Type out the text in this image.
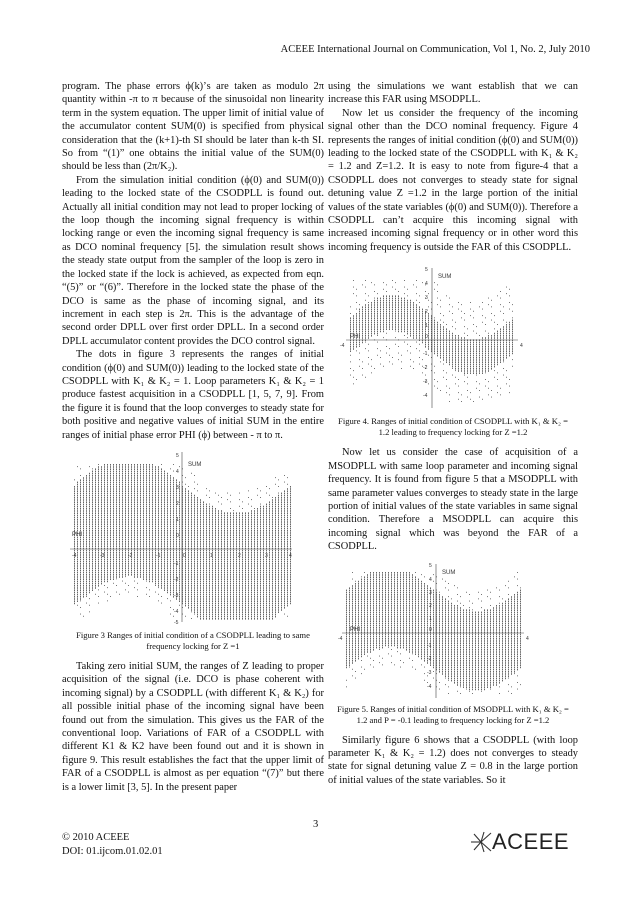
ACEEE International Journal on Communication, Vol 1, No. 2, July 2010

program. The phase errors ϕ(k)’s are taken as modulo 2π quantity within -π to π because of the sinusoidal non linearity term in the system equation. The upper limit of initial value of the accumulator content SUM(0) is specified from physical consideration that the (k+1)-th SI should be later than k-th SI. So from “(1)” one obtains the initial value of the SUM(0) should be less than (2π/K₂).

From the simulation initial condition (ϕ(0) and SUM(0)) leading to the locked state of the CSODPLL is found out. Actually all initial condition may not lead to proper locking of the loop though the incoming signal frequency is within locking range or even the incoming signal frequency is same as DCO nominal frequency [5]. the simulation result shows the steady state output from the sampler of the loop is zero in the locked state if the lock is achieved, as expected from eqn. “(5)” or “(6)”. Therefore in the locked state the phase of the DCO is same as the phase of incoming signal, and its increment in each step is 2π. This is the advantage of the second order DPLL over first order DPLL. In a second order DPLL accumulator content provides the DCO control signal.

The dots in figure 3 represents the ranges of initial condition (ϕ(0) and SUM(0)) leading to the locked state of the CSODPLL with K₁ & K₂ = 1. Loop parameters K₁ & K₂ = 1 produce fastest acquisition in a CSODPLL [1, 5, 7, 9]. From the figure it is found that the loop converges to steady state for both positive and negative values of initial SUM in the entire ranges of initial phase error PHI (ϕ) between - π to π.

SUM
PHI
-4	-3	-2	-1	0	1	2	3	4
5
4
3
2
1
0
-1
-2
-3
-4
-5
Figure 3 Ranges of initial condition of a CSODPLL leading to same frequency locking for Z =1

Taking zero initial SUM, the ranges of Z leading to proper acquisition of the signal (i.e. DCO is phase coherent with incoming signal) by a CSODPLL (with different K₁ & K₂) for all possible initial phase of the incoming signal have been found out from the simulation. This gives us the FAR of the conventional loop. Variations of FAR of a CSODPLL with different K1 & K2 have been found out and it is shown in figure 9. This result establishes the fact that the upper limit of FAR of a CSODPLL is almost as per equation “(7)” but there is a lower limit [3, 5]. In the present paper

using the simulations we want establish that we can increase this FAR using MSODPLL.

Now let us consider the frequency of the incoming signal other than the DCO nominal frequency. Figure 4 represents the ranges of initial condition (ϕ(0) and SUM(0)) leading to the locked state of the CSODPLL with K₁ & K₂ = 1.2 and Z=1.2. It is easy to note from figure-4 that a CSODPLL does not converges to steady state for signal detuning value Z =1.2 in the large portion of the initial values of the state variables (ϕ(0) and SUM(0)). Therefore a CSODPLL can’t acquire this incoming signal with increased incoming signal frequency or in other word this incoming frequency is outside the FAR of this CSODPLL.

SUM
PHI
-4	4
5
4
3
2
1
0
-1
-2
-3
-4
Figure 4. Ranges of initial condition of CSODPLL with K₁ & K₂ = 1.2 leading to frequency locking for Z =1.2

Now let us consider the case of acquisition of a MSODPLL with same loop parameter and incoming signal frequency. It is found from figure 5 that a MSODPLL with same parameter values converges to steady state in the large portion of initial values of the state variables in same signal condition. Therefore a MSODPLL can acquire this incoming signal which was beyond the FAR of a CSODPLL.

SUM
PHI
-4	4
5
4
3
2
1
0
-1
-2
-3
-4
Figure 5. Ranges of initial condition of MSODPLL with K₁ & K₂ = 1.2 and P = -0.1 leading to frequency locking for Z =1.2

Similarly figure 6 shows that a CSODPLL (with loop parameter K₁ & K₂ = 1.2) does not converges to steady state for signal detuning value Z = 0.8 in the large portion of initial values of the state variables. So it

3
© 2010 ACEEE
DOI: 01.ijcom.01.02.01	ACEEE
